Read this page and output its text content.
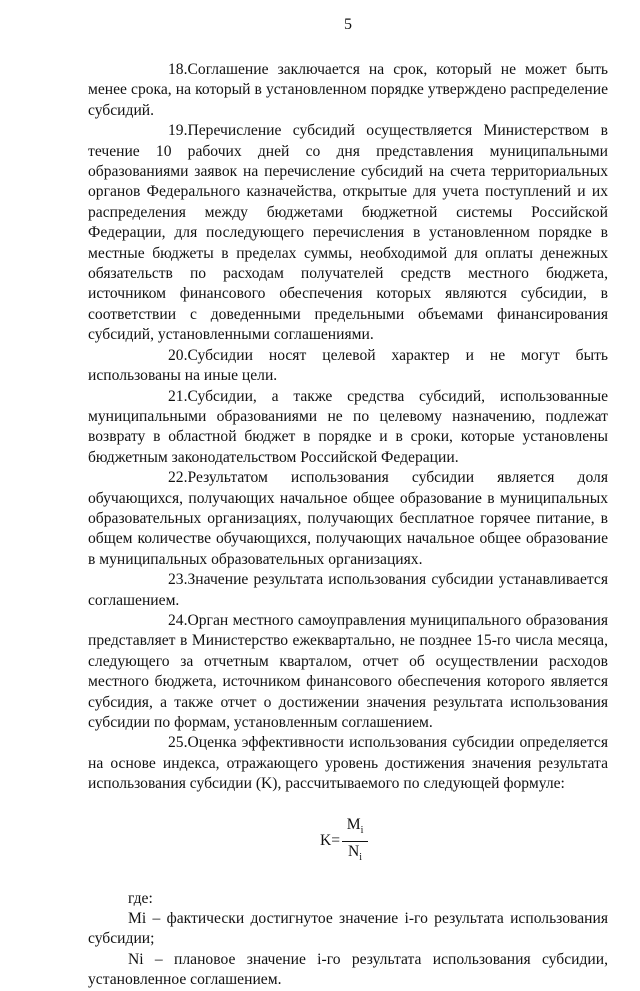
5

18.Соглашение заключается на срок, который не может быть менее срока, на который в установленном порядке утверждено распределение субсидий.

19.Перечисление субсидий осуществляется Министерством в течение 10 рабочих дней со дня представления муниципальными образованиями заявок на перечисление субсидий на счета территориальных органов Федерального казначейства, открытые для учета поступлений и их распределения между бюджетами бюджетной системы Российской Федерации, для последующего перечисления в установленном порядке в местные бюджеты в пределах суммы, необходимой для оплаты денежных обязательств по расходам получателей средств местного бюджета, источником финансового обеспечения которых являются субсидии, в соответствии с доведенными предельными объемами финансирования субсидий, установленными соглашениями.

20.Субсидии носят целевой характер и не могут быть использованы на иные цели.

21.Субсидии, а также средства субсидий, использованные муниципальными образованиями не по целевому назначению, подлежат возврату в областной бюджет в порядке и в сроки, которые установлены бюджетным законодательством Российской Федерации.

22.Результатом использования субсидии является доля обучающихся, получающих начальное общее образование в муниципальных образовательных организациях, получающих бесплатное горячее питание, в общем количестве обучающихся, получающих начальное общее образование в муниципальных образовательных организациях.

23.Значение результата использования субсидии устанавливается соглашением.

24.Орган местного самоуправления муниципального образования представляет в Министерство ежеквартально, не позднее 15-го числа месяца, следующего за отчетным кварталом, отчет об осуществлении расходов местного бюджета, источником финансового обеспечения которого является субсидия, а также отчет о достижении значения результата использования субсидии по формам, установленным соглашением.

25.Оценка эффективности использования субсидии определяется на основе индекса, отражающего уровень достижения значения результата использования субсидии (K), рассчитываемого по следующей формуле:

$K= \frac{M_i}{N_i}$

где:

Mi – фактически достигнутое значение i-го результата использования субсидии;

Ni – плановое значение i-го результата использования субсидии, установленное соглашением.
